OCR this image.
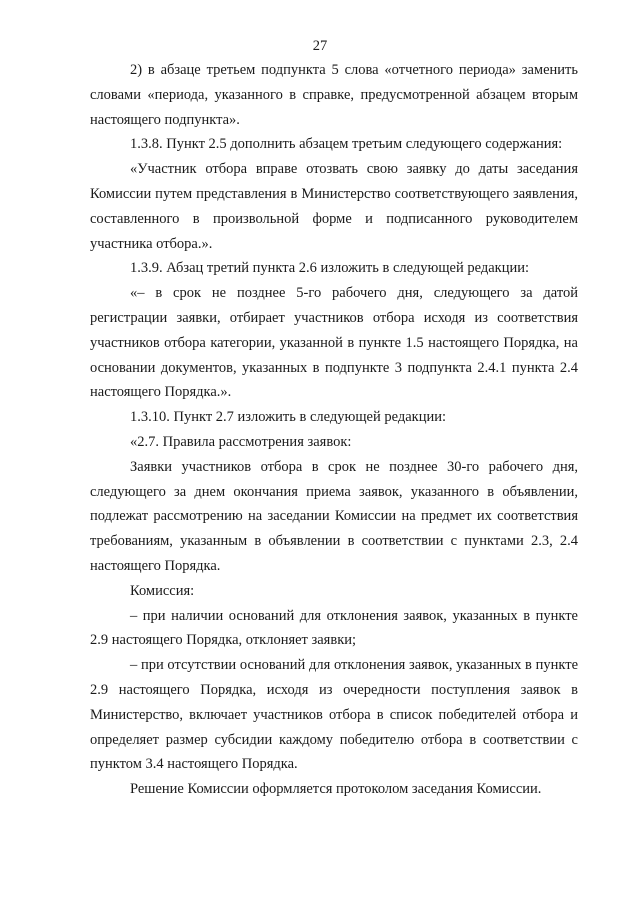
27

2) в абзаце третьем подпункта 5 слова «отчетного периода» заменить словами «периода, указанного в справке, предусмотренной абзацем вторым настоящего подпункта».

1.3.8. Пункт 2.5 дополнить абзацем третьим следующего содержания:

«Участник отбора вправе отозвать свою заявку до даты заседания Комиссии путем представления в Министерство соответствующего заявления, составленного в произвольной форме и подписанного руководителем участника отбора.».

1.3.9. Абзац третий пункта 2.6 изложить в следующей редакции:

«– в срок не позднее 5-го рабочего дня, следующего за датой регистрации заявки, отбирает участников отбора исходя из соответствия участников отбора категории, указанной в пункте 1.5 настоящего Порядка, на основании документов, указанных в подпункте 3 подпункта 2.4.1 пункта 2.4 настоящего Порядка.».

1.3.10. Пункт 2.7 изложить в следующей редакции:

«2.7. Правила рассмотрения заявок:

Заявки участников отбора в срок не позднее 30-го рабочего дня, следующего за днем окончания приема заявок, указанного в объявлении, подлежат рассмотрению на заседании Комиссии на предмет их соответствия требованиям, указанным в объявлении в соответствии с пунктами 2.3, 2.4 настоящего Порядка.

Комиссия:

– при наличии оснований для отклонения заявок, указанных в пункте 2.9 настоящего Порядка, отклоняет заявки;

– при отсутствии оснований для отклонения заявок, указанных в пункте 2.9 настоящего Порядка, исходя из очередности поступления заявок в Министерство, включает участников отбора в список победителей отбора и определяет размер субсидии каждому победителю отбора в соответствии с пунктом 3.4 настоящего Порядка.

Решение Комиссии оформляется протоколом заседания Комиссии.
